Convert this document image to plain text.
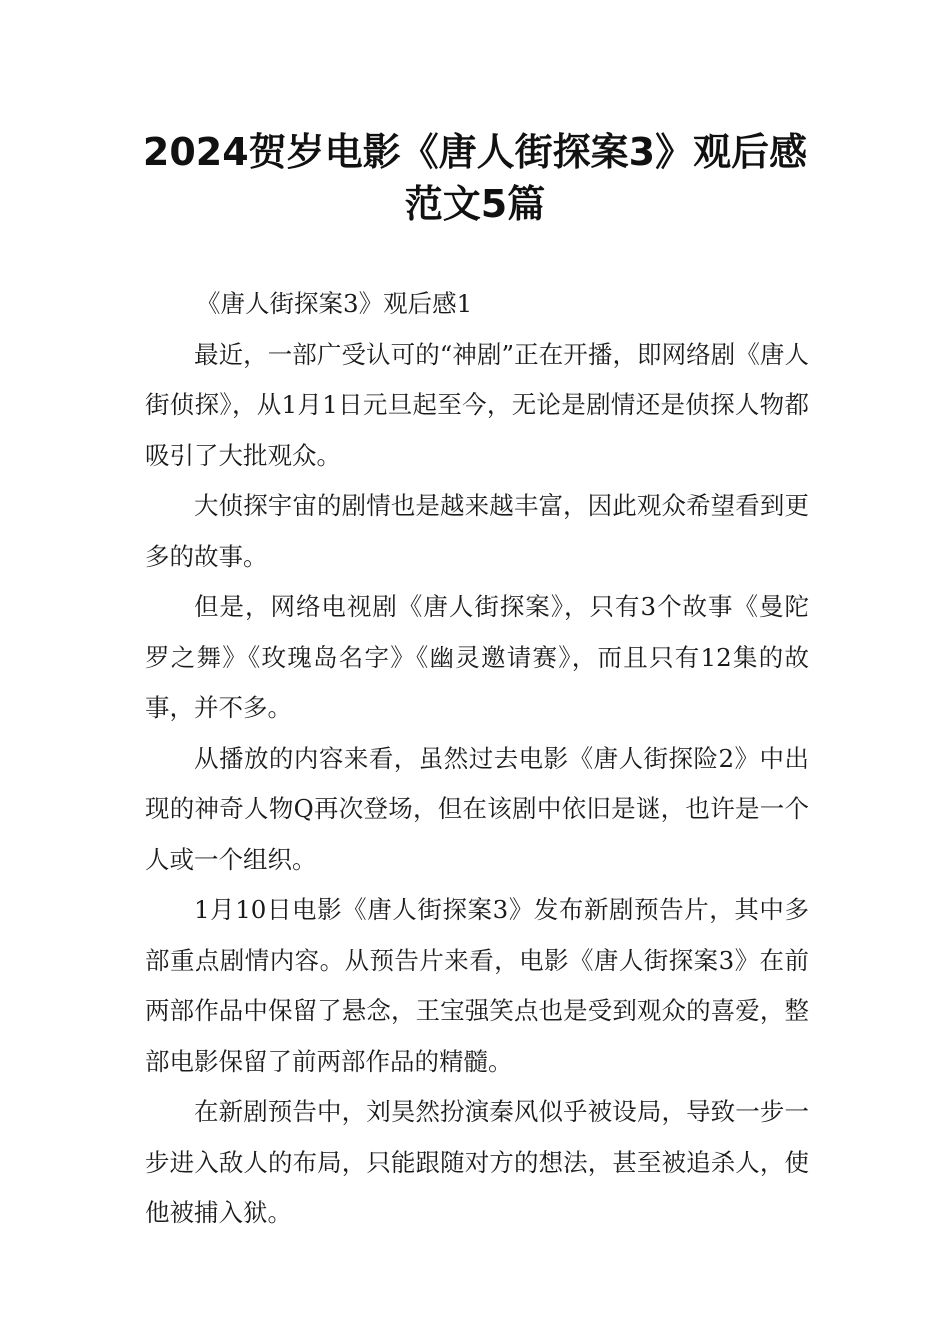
2024贺岁电影《唐人街探案3》观后感
范文5篇

《唐人街探案3》观后感1

最近，一部广受认可的“神剧”正在开播，即网络剧《唐人街侦探》，从1月1日元旦起至今，无论是剧情还是侦探人物都吸引了大批观众。

大侦探宇宙的剧情也是越来越丰富，因此观众希望看到更多的故事。

但是，网络电视剧《唐人街探案》，只有3个故事《曼陀罗之舞》《玫瑰岛名字》《幽灵邀请赛》，而且只有12集的故事，并不多。

从播放的内容来看，虽然过去电影《唐人街探险2》中出现的神奇人物Q再次登场，但在该剧中依旧是谜，也许是一个人或一个组织。

1月10日电影《唐人街探案3》发布新剧预告片，其中多部重点剧情内容。从预告片来看，电影《唐人街探案3》在前两部作品中保留了悬念，王宝强笑点也是受到观众的喜爱，整部电影保留了前两部作品的精髓。

在新剧预告中，刘昊然扮演秦风似乎被设局，导致一步一步进入敌人的布局，只能跟随对方的想法，甚至被追杀人，使他被捕入狱。
